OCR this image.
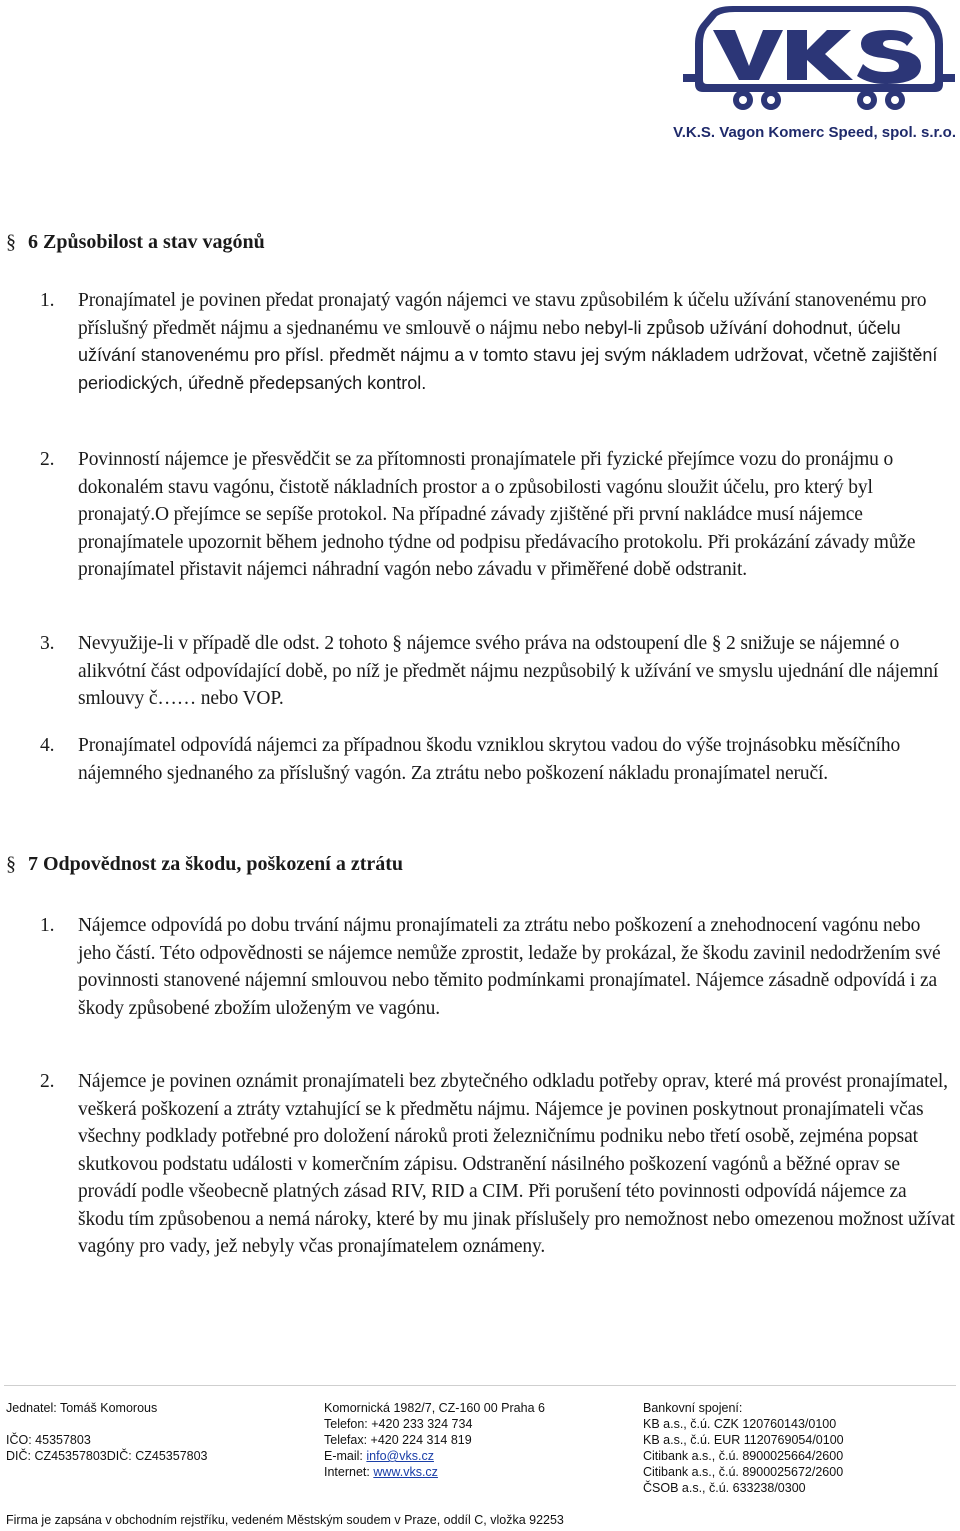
V.K.S. Vagon Komerc Speed, spol. s.r.o.
§ 6 Způsobilost a stav vagónů
1. Pronajímatel je povinen předat pronajatý vagón nájemci ve stavu způsobilém k účelu užívání stanovenému pro příslušný předmět nájmu a sjednanému ve smlouvě o nájmu nebo nebyl-li způsob užívání dohodnut, účelu užívání stanovenému pro přísl. předmět nájmu a v tomto stavu jej svým nákladem udržovat, včetně zajištění periodických, úředně předepsaných kontrol.
2. Povinností nájemce je přesvědčit se za přítomnosti pronajímatele při fyzické přejímce vozu do pronájmu o dokonalém stavu vagónu, čistotě nákladních prostor a o způsobilosti vagónu sloužit účelu, pro který byl pronajatý.O přejímce se sepíše protokol. Na případné závady zjištěné při první nakládce musí nájemce pronajímatele upozornit během jednoho týdne od podpisu předávacího protokolu. Při prokázání závady může pronajímatel přistavit nájemci náhradní vagón nebo závadu v přiměřené době odstranit.
3. Nevyužije-li v případě dle odst. 2 tohoto § nájemce svého práva na odstoupení dle § 2 snižuje se nájemné o alikvótní část odpovídající době, po níž je předmět nájmu nezpůsobilý k užívání ve smyslu ujednání dle nájemní smlouvy č…… nebo VOP.
4. Pronajímatel odpovídá nájemci za případnou škodu vzniklou skrytou vadou do výše trojnásobku měsíčního nájemného sjednaného za příslušný vagón. Za ztrátu nebo poškození nákladu pronajímatel neručí.
§ 7 Odpovědnost za škodu, poškození a ztrátu
1. Nájemce odpovídá po dobu trvání nájmu pronajímateli za ztrátu nebo poškození a znehodnocení vagónu nebo jeho částí. Této odpovědnosti se nájemce nemůže zprostit, ledaže by prokázal, že škodu zavinil nedodržením své povinnosti stanovené nájemní smlouvou nebo těmito podmínkami pronajímatel. Nájemce zásadně odpovídá i za škody způsobené zbožím uloženým ve vagónu.
2. Nájemce je povinen oznámit pronajímateli bez zbytečného odkladu potřeby oprav, které má provést pronajímatel, veškerá poškození a ztráty vztahující se k předmětu nájmu. Nájemce je povinen poskytnout pronajímateli včas všechny podklady potřebné pro doložení nároků proti železničnímu podniku nebo třetí osobě, zejména popsat skutkovou podstatu události v komerčním zápisu. Odstranění násilného poškození vagónů a běžné oprav se provádí podle všeobecně platných zásad RIV, RID a CIM. Při porušení této povinnosti odpovídá nájemce za škodu tím způsobenou a nemá nároky, které by mu jinak příslušely pro nemožnost nebo omezenou možnost užívat vagóny pro vady, jež nebyly včas pronajímatelem oznámeny.
Jednatel: Tomáš Komorous
IČO: 45357803
DIČ: CZ45357803DIČ: CZ45357803
Komornická 1982/7, CZ-160 00 Praha 6
Telefon: +420 233 324 734
Telefax: +420 224 314 819
E-mail: info@vks.cz
Internet: www.vks.cz
Bankovní spojení:
KB a.s., č.ú. CZK 120760143/0100
KB a.s., č.ú. EUR 1120769054/0100
Citibank a.s., č.ú. 8900025664/2600
Citibank a.s., č.ú. 8900025672/2600
ČSOB a.s., č.ú. 633238/0300
Firma je zapsána v obchodním rejstříku, vedeném Městským soudem v Praze, oddíl C, vložka 92253
